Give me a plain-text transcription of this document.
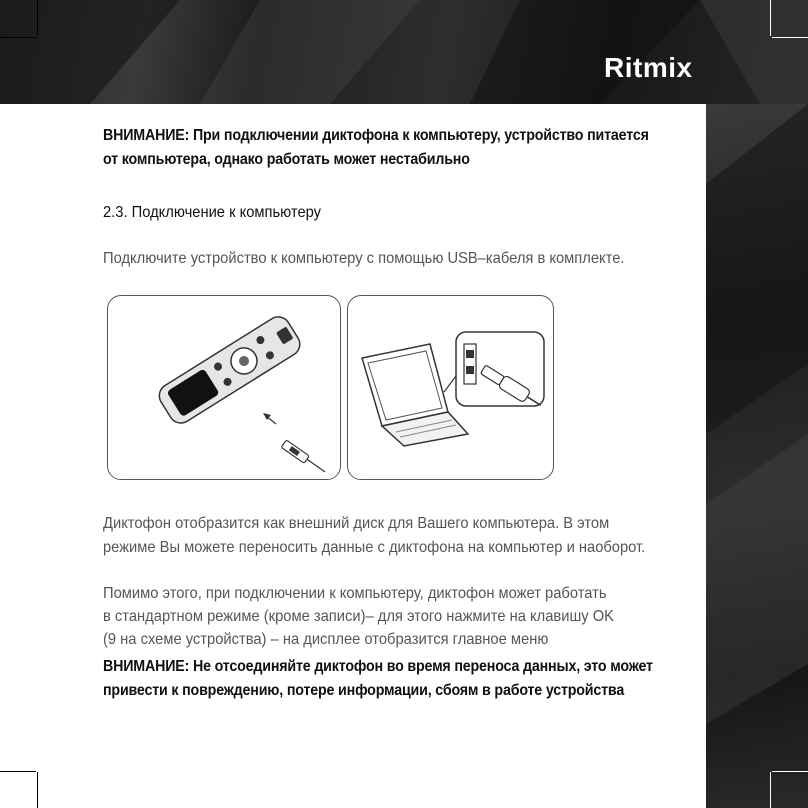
Ritmix
ВНИМАНИЕ: При подключении диктофона к компьютеру, устройство питается
от компьютера, однако работать может нестабильно
2.3. Подключение к компьютеру
Подключите устройство к компьютеру с помощью USB–кабеля в комплекте.
Диктофон отобразится как внешний диск для Вашего компьютера. В этом
режиме Вы можете переносить данные с диктофона на компьютер и наоборот.
Помимо этого, при подключении к компьютеру, диктофон может работать
в стандартном режиме (кроме записи)– для этого нажмите на клавишу OK
(9 на схеме устройства) – на дисплее отобразится главное меню
ВНИМАНИЕ: Не отсоединяйте диктофон во время переноса данных, это может
привести к повреждению, потере информации, сбоям в работе устройства
